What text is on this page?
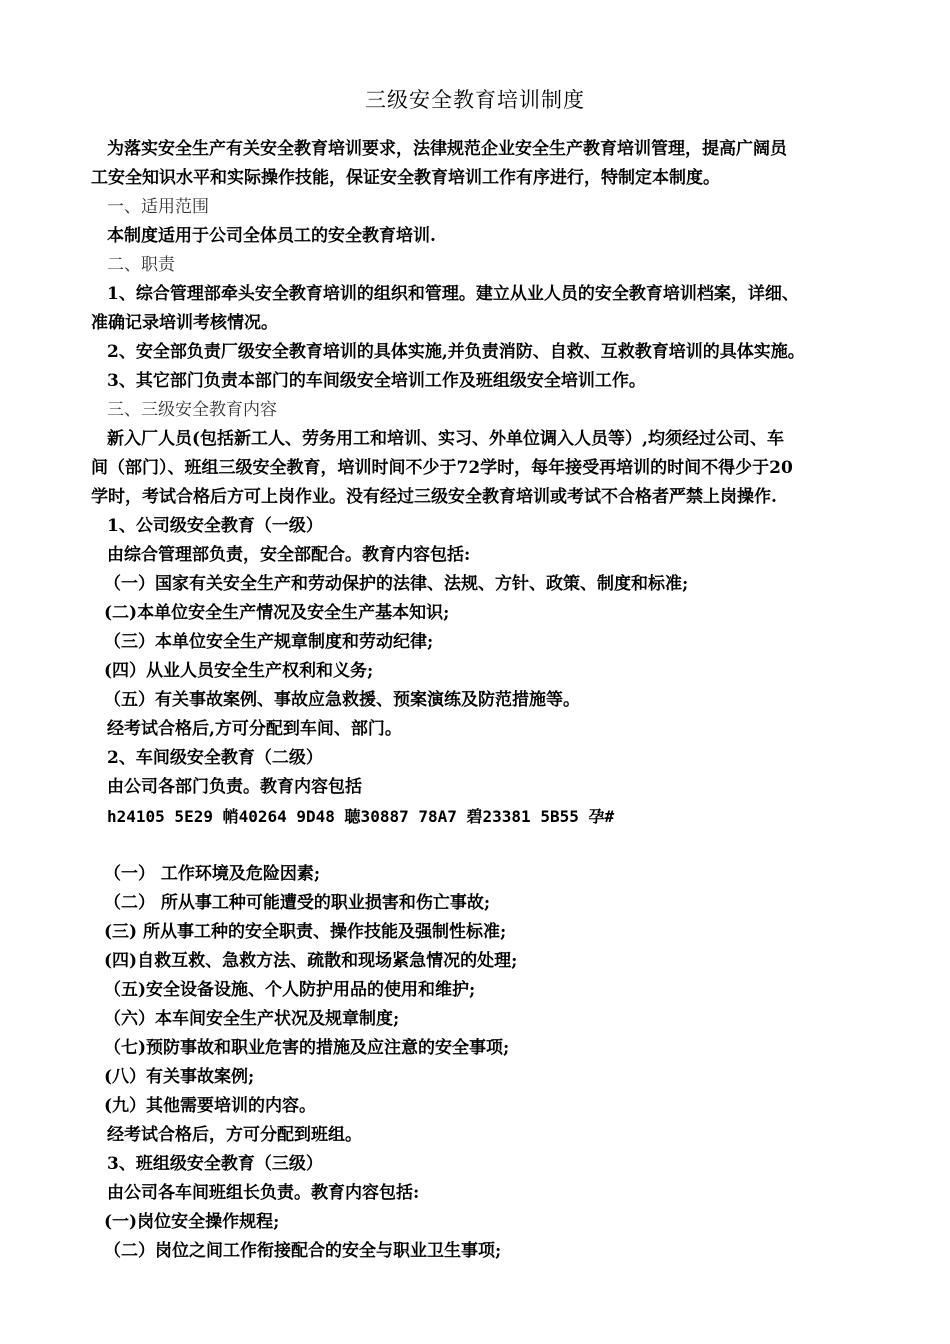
三级安全教育培训制度
为落实安全生产有关安全教育培训要求，法律规范企业安全生产教育培训管理，提高广阔员
工安全知识水平和实际操作技能，保证安全教育培训工作有序进行，特制定本制度。
一、适用范围
本制度适用于公司全体员工的安全教育培训.
二、职责
1、综合管理部牵头安全教育培训的组织和管理。建立从业人员的安全教育培训档案，详细、
准确记录培训考核情况。
2、安全部负责厂级安全教育培训的具体实施,并负责消防、自救、互救教育培训的具体实施。
3、其它部门负责本部门的车间级安全培训工作及班组级安全培训工作。
三、三级安全教育内容
新入厂人员(包括新工人、劳务用工和培训、实习、外单位调入人员等）,均须经过公司、车
间（部门）、班组三级安全教育，培训时间不少于72学时，每年接受再培训的时间不得少于20
学时，考试合格后方可上岗作业。没有经过三级安全教育培训或考试不合格者严禁上岗操作.
1、公司级安全教育（一级）
由综合管理部负责，安全部配合。教育内容包括:
（一）国家有关安全生产和劳动保护的法律、法规、方针、政策、制度和标准;
(二)本单位安全生产情况及安全生产基本知识;
（三）本单位安全生产规章制度和劳动纪律;
(四）从业人员安全生产权利和义务;
（五）有关事故案例、事故应急救援、预案演练及防范措施等。
经考试合格后,方可分配到车间、部门。
2、车间级安全教育（二级）
由公司各部门负责。教育内容包括
h24105 5E29 帩40264 9D48 聴30887 78A7 碧23381 5B55 孕#
（一） 工作环境及危险因素;
（二） 所从事工种可能遭受的职业损害和伤亡事故;
(三) 所从事工种的安全职责、操作技能及强制性标准;
(四)自救互救、急救方法、疏散和现场紧急情况的处理;
（五)安全设备设施、个人防护用品的使用和维护;
（六）本车间安全生产状况及规章制度;
（七)预防事故和职业危害的措施及应注意的安全事项;
(八）有关事故案例;
(九）其他需要培训的内容。
经考试合格后，方可分配到班组。
3、班组级安全教育（三级）
由公司各车间班组长负责。教育内容包括:
(一)岗位安全操作规程;
（二）岗位之间工作衔接配合的安全与职业卫生事项;
